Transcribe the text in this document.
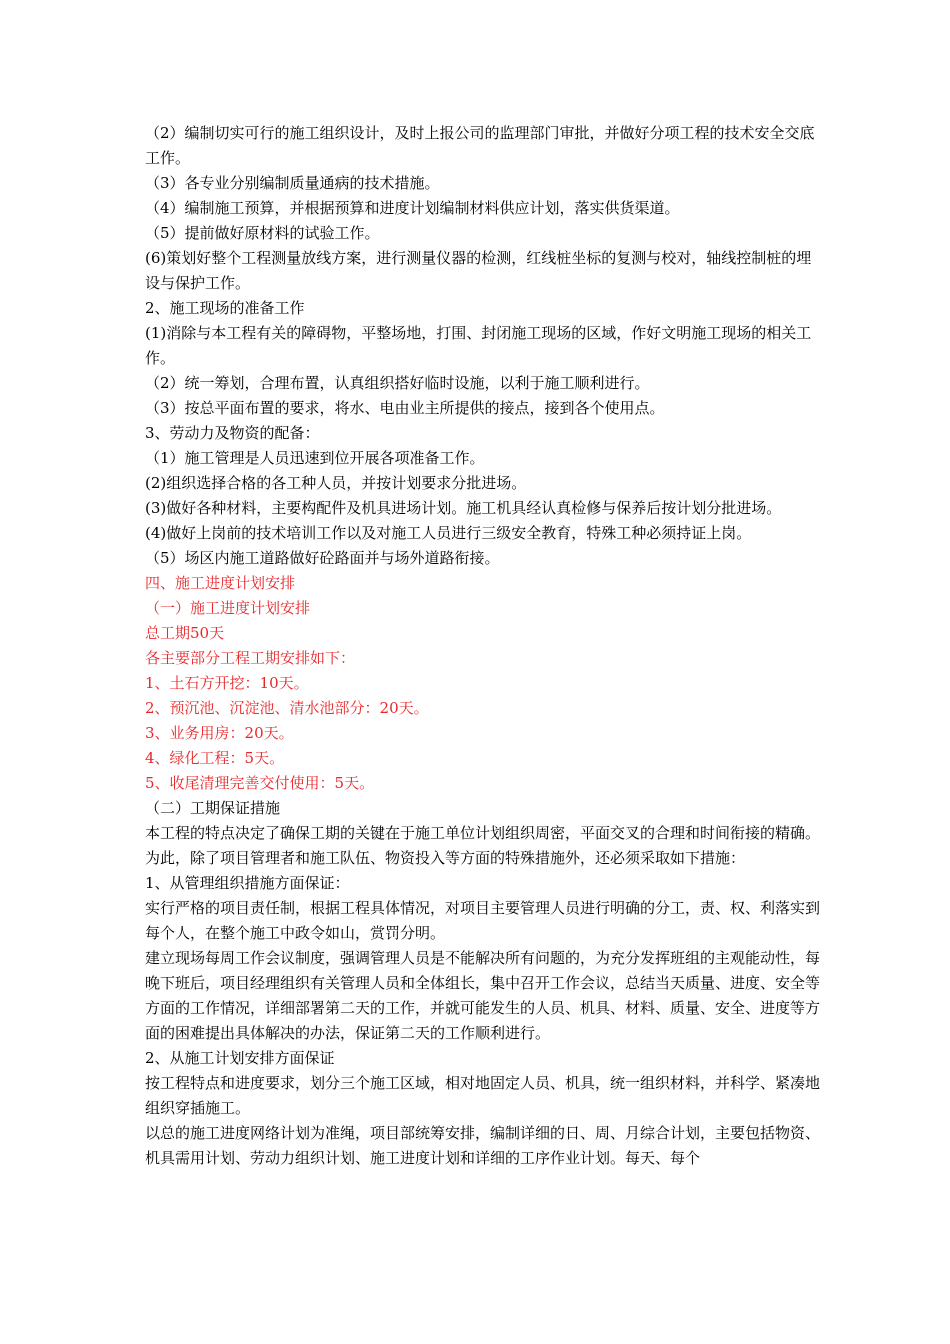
（2）编制切实可行的施工组织设计，及时上报公司的监理部门审批，并做好分项工程的技术安全交底工作。

（3）各专业分别编制质量通病的技术措施。

（4）编制施工预算，并根据预算和进度计划编制材料供应计划，落实供货渠道。

（5）提前做好原材料的试验工作。

(6)策划好整个工程测量放线方案，进行测量仪器的检测，红线桩坐标的复测与校对，轴线控制桩的埋设与保护工作。

2、施工现场的准备工作

(1)消除与本工程有关的障碍物，平整场地，打围、封闭施工现场的区域，作好文明施工现场的相关工作。

（2）统一筹划，合理布置，认真组织搭好临时设施，以利于施工顺利进行。

（3）按总平面布置的要求，将水、电由业主所提供的接点，接到各个使用点。

3、劳动力及物资的配备：

（1）施工管理是人员迅速到位开展各项准备工作。

(2)组织选择合格的各工种人员，并按计划要求分批进场。

(3)做好各种材料，主要构配件及机具进场计划。施工机具经认真检修与保养后按计划分批进场。

(4)做好上岗前的技术培训工作以及对施工人员进行三级安全教育，特殊工种必须持证上岗。

（5）场区内施工道路做好砼路面并与场外道路衔接。

四、施工进度计划安排

（一）施工进度计划安排

总工期50天

各主要部分工程工期安排如下：

1、土石方开挖：10天。

2、预沉池、沉淀池、清水池部分：20天。

3、业务用房：20天。

4、绿化工程：5天。

5、收尾清理完善交付使用：5天。

（二）工期保证措施

本工程的特点决定了确保工期的关键在于施工单位计划组织周密，平面交叉的合理和时间衔接的精确。为此，除了项目管理者和施工队伍、物资投入等方面的特殊措施外，还必须采取如下措施：

1、从管理组织措施方面保证：

实行严格的项目责任制，根据工程具体情况，对项目主要管理人员进行明确的分工，责、权、利落实到每个人，在整个施工中政令如山，赏罚分明。

建立现场每周工作会议制度，强调管理人员是不能解决所有问题的，为充分发挥班组的主观能动性，每晚下班后，项目经理组织有关管理人员和全体组长，集中召开工作会议，总结当天质量、进度、安全等方面的工作情况，详细部署第二天的工作，并就可能发生的人员、机具、材料、质量、安全、进度等方面的困难提出具体解决的办法，保证第二天的工作顺利进行。

2、从施工计划安排方面保证

按工程特点和进度要求，划分三个施工区域，相对地固定人员、机具，统一组织材料，并科学、紧凑地组织穿插施工。

以总的施工进度网络计划为准绳，项目部统筹安排，编制详细的日、周、月综合计划，主要包括物资、机具需用计划、劳动力组织计划、施工进度计划和详细的工序作业计划。每天、每个
